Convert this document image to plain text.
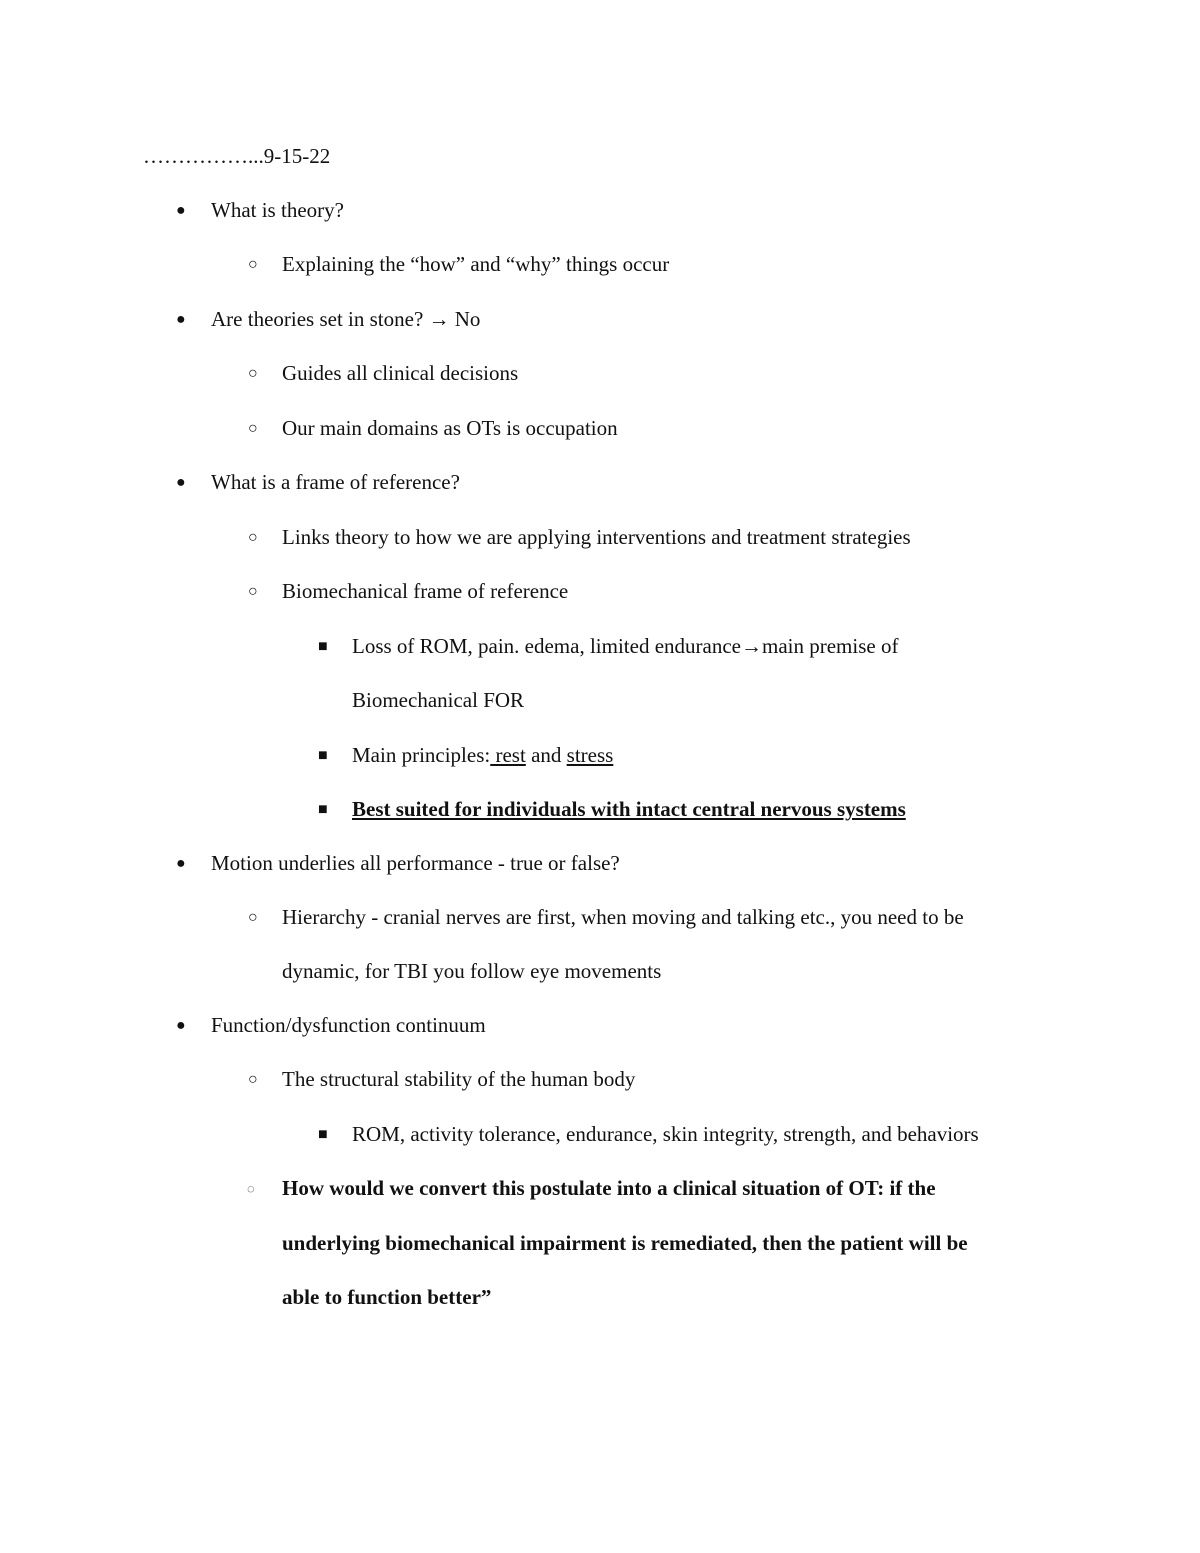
……………...9-15-22
● What is theory?
○ Explaining the “how” and “why” things occur
● Are theories set in stone? → No
○ Guides all clinical decisions
○ Our main domains as OTs is occupation
● What is a frame of reference?
○ Links theory to how we are applying interventions and treatment strategies
○ Biomechanical frame of reference
■ Loss of ROM, pain. edema, limited endurance→main premise of
Biomechanical FOR
■ Main principles: rest and stress
■ Best suited for individuals with intact central nervous systems
● Motion underlies all performance - true or false?
○ Hierarchy - cranial nerves are first, when moving and talking etc., you need to be
dynamic, for TBI you follow eye movements
● Function/dysfunction continuum
○ The structural stability of the human body
■ ROM, activity tolerance, endurance, skin integrity, strength, and behaviors
◌ How would we convert this postulate into a clinical situation of OT: if the
underlying biomechanical impairment is remediated, then the patient will be
able to function better”
